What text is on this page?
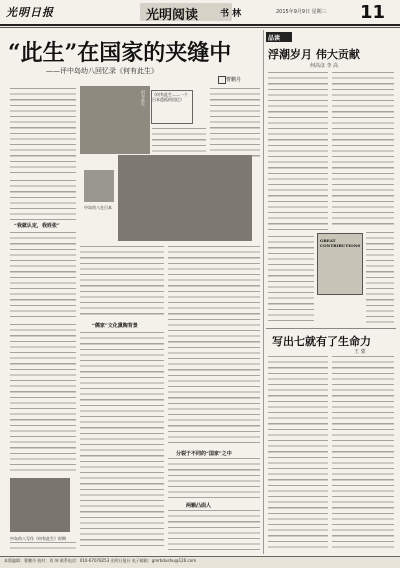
光明日报	光明阅读 书 林	2015年9月9日 星期三 11
“此生”在国家的夹缝中
——评中岛幼八回忆录《何有此生》
曹鹏丹
何有此生 《何有此生——一个日本遗孤的回忆》
中岛幼八在日本
“我就认定，我姓张”
“儒家”文化熏陶背景
分裂于不同的“国家”之中
两颗凸面人
中岛幼八写作《何有此生》时期
品读
浮潮岁月 伟大贡献
何高彦 李 高
GREAT CONTRIBUTIONS
写出七就有了生命力
王 蒙
本版编辑：曹鹏丹 校对：刘 坤 联系电话：010-67078253 光明日报社 电子邮箱：gmrbdushu@126.com
